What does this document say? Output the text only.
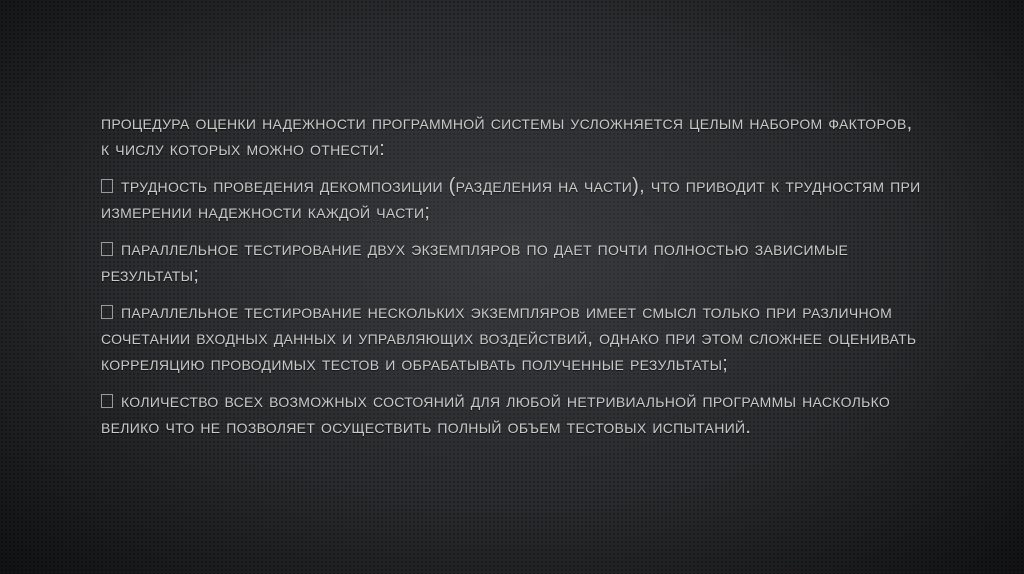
процедура оценки надежности программной системы усложняется целым набором факторов, к числу которых можно отнести:

трудность проведения декомпозиции (разделения на части), что приводит к трудностям при измерении надежности каждой части;

параллельное тестирование двух экземпляров по дает почти полностью зависимые результаты;

параллельное тестирование нескольких экземпляров имеет смысл только при различном сочетании входных данных и управляющих воздействий, однако при этом сложнее оценивать корреляцию проводимых тестов и обрабатывать полученные результаты;

количество всех возможных состояний для любой нетривиальной программы насколько велико что не позволяет осуществить полный объем тестовых испытаний.
